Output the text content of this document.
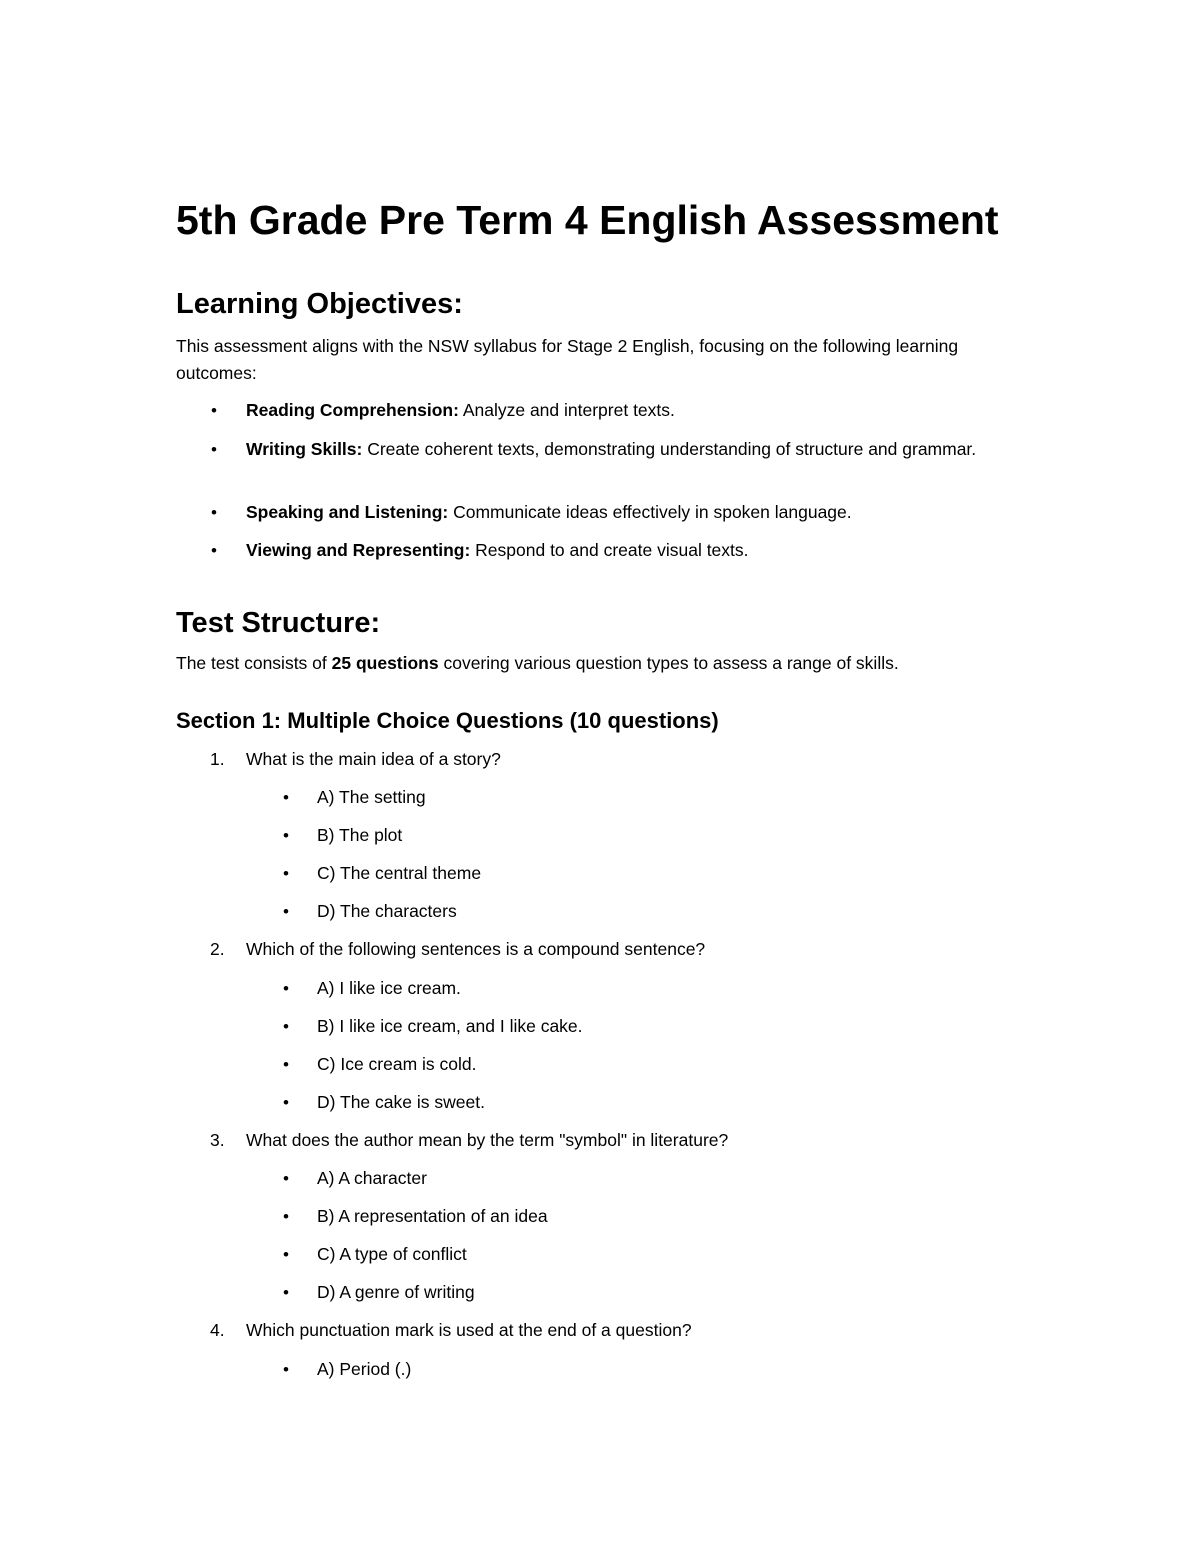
5th Grade Pre Term 4 English Assessment
Learning Objectives:

This assessment aligns with the NSW syllabus for Stage 2 English, focusing on the following learning outcomes:

• Reading Comprehension: Analyze and interpret texts.
• Writing Skills: Create coherent texts, demonstrating understanding of structure and grammar.
• Speaking and Listening: Communicate ideas effectively in spoken language.
• Viewing and Representing: Respond to and create visual texts.
Test Structure:

The test consists of 25 questions covering various question types to assess a range of skills.

Section 1: Multiple Choice Questions (10 questions)
1. What is the main idea of a story?
• A) The setting
• B) The plot
• C) The central theme
• D) The characters
2. Which of the following sentences is a compound sentence?
• A) I like ice cream.
• B) I like ice cream, and I like cake.
• C) Ice cream is cold.
• D) The cake is sweet.
3. What does the author mean by the term "symbol" in literature?
• A) A character
• B) A representation of an idea
• C) A type of conflict
• D) A genre of writing
4. Which punctuation mark is used at the end of a question?
• A) Period (.)
